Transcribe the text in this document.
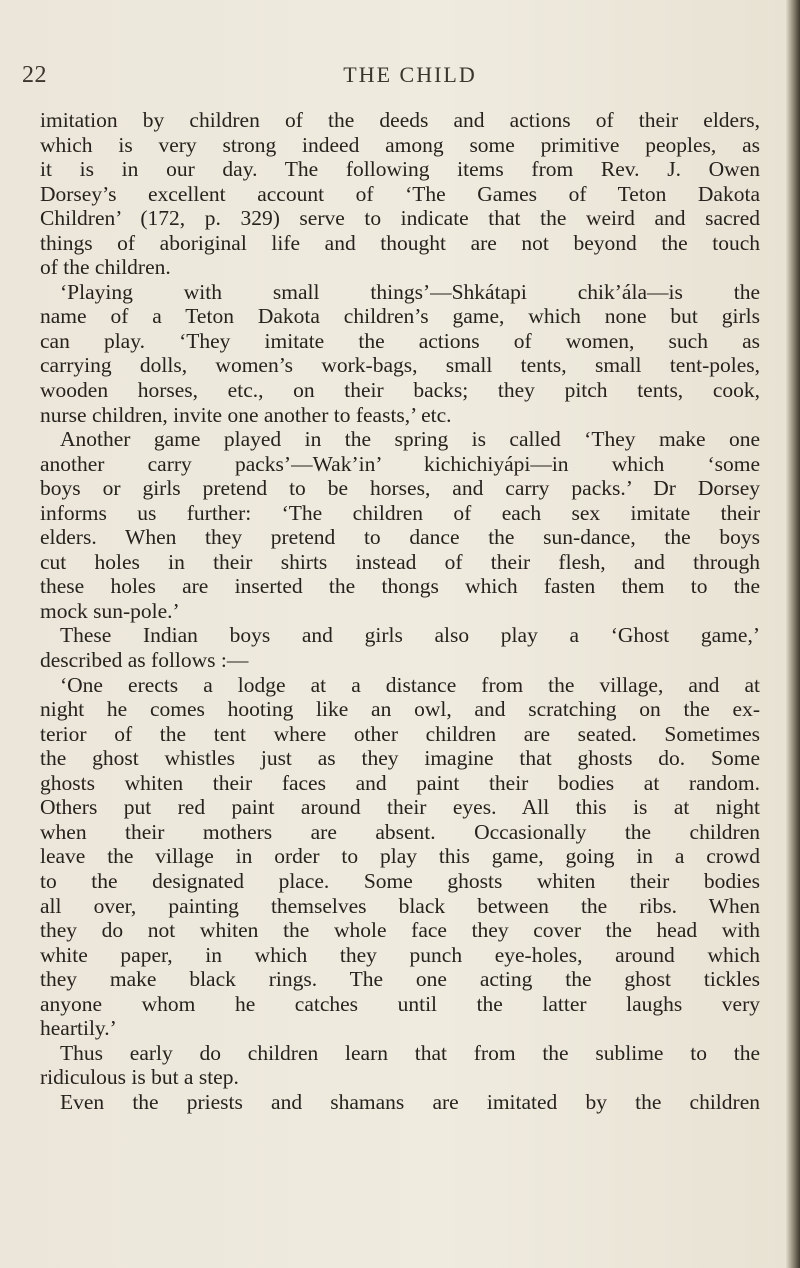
22	THE CHILD
imitation by children of the deeds and actions of their elders,
which is very strong indeed among some primitive peoples, as
it is in our day. The following items from Rev. J. Owen
Dorsey’s excellent account of ‘The Games of Teton Dakota
Children’ (172, p. 329) serve to indicate that the weird and sacred
things of aboriginal life and thought are not beyond the touch
of the children.
‘Playing with small things’—Shkátapi chik’ála—is the
name of a Teton Dakota children’s game, which none but girls
can play. ‘They imitate the actions of women, such as
carrying dolls, women’s work-bags, small tents, small tent-poles,
wooden horses, etc., on their backs; they pitch tents, cook,
nurse children, invite one another to feasts,’ etc.
Another game played in the spring is called ‘They make one
another carry packs’—Wak’in’ kichichiyápi—in which ‘some
boys or girls pretend to be horses, and carry packs.’ Dr Dorsey
informs us further: ‘The children of each sex imitate their
elders. When they pretend to dance the sun-dance, the boys
cut holes in their shirts instead of their flesh, and through
these holes are inserted the thongs which fasten them to the
mock sun-pole.’
These Indian boys and girls also play a ‘Ghost game,’
described as follows :—
‘One erects a lodge at a distance from the village, and at
night he comes hooting like an owl, and scratching on the ex-
terior of the tent where other children are seated. Sometimes
the ghost whistles just as they imagine that ghosts do. Some
ghosts whiten their faces and paint their bodies at random.
Others put red paint around their eyes. All this is at night
when their mothers are absent. Occasionally the children
leave the village in order to play this game, going in a crowd
to the designated place. Some ghosts whiten their bodies
all over, painting themselves black between the ribs. When
they do not whiten the whole face they cover the head with
white paper, in which they punch eye-holes, around which
they make black rings. The one acting the ghost tickles
anyone whom he catches until the latter laughs very
heartily.’
Thus early do children learn that from the sublime to the
ridiculous is but a step.
Even the priests and shamans are imitated by the children
